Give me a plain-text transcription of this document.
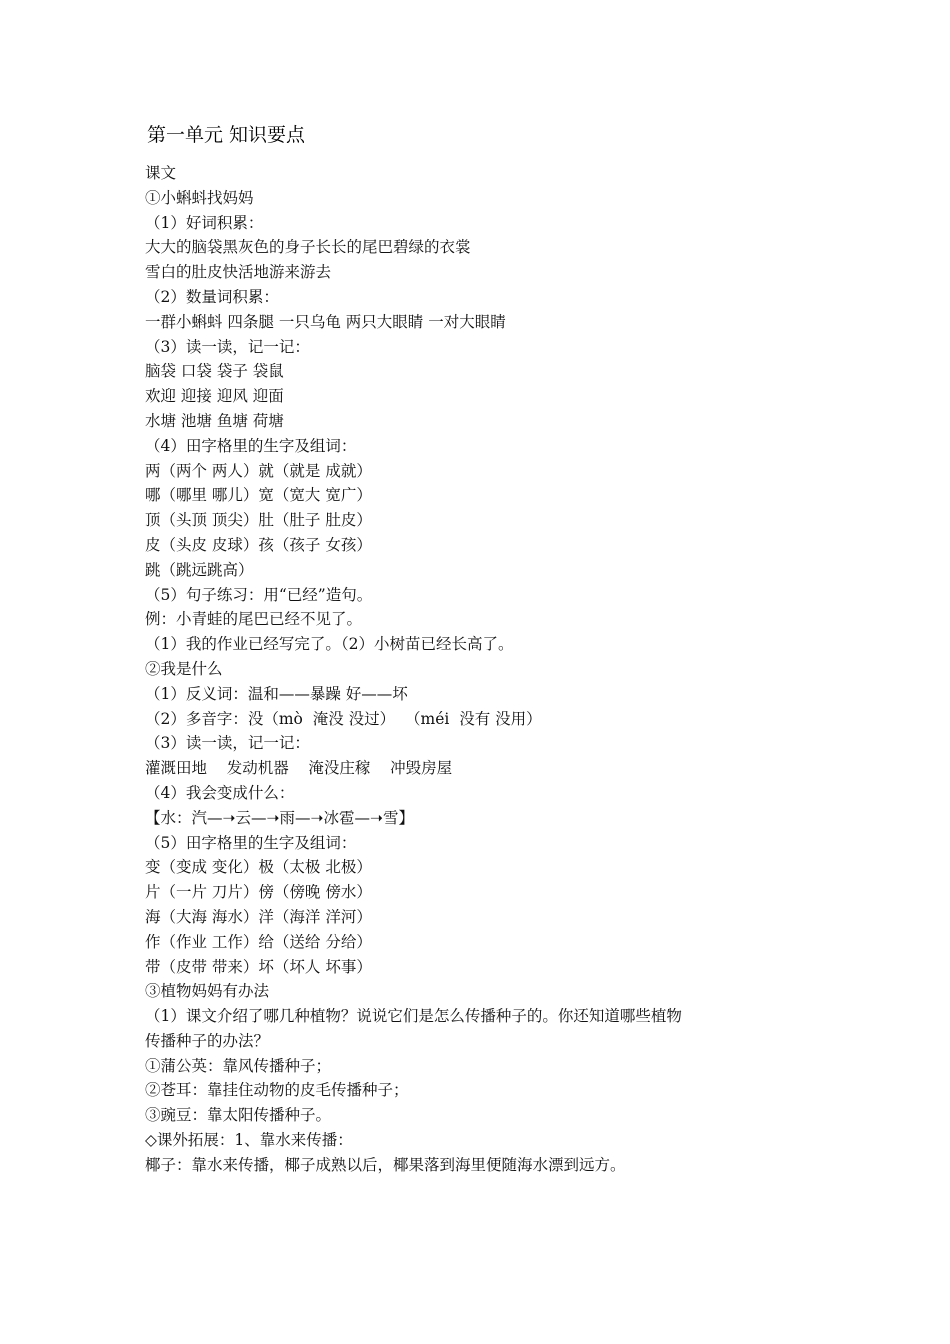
第一单元 知识要点
课文
①小蝌蚪找妈妈
（1）好词积累：
大大的脑袋黑灰色的身子长长的尾巴碧绿的衣裳
雪白的肚皮快活地游来游去
（2）数量词积累：
一群小蝌蚪 四条腿 一只乌龟 两只大眼睛 一对大眼睛
（3）读一读，记一记：
脑袋 口袋 袋子 袋鼠
欢迎 迎接 迎风 迎面
水塘 池塘 鱼塘 荷塘
（4）田字格里的生字及组词：
两（两个 两人）就（就是 成就）
哪（哪里 哪儿）宽（宽大 宽广）
顶（头顶 顶尖）肚（肚子 肚皮）
皮（头皮 皮球）孩（孩子 女孩）
跳（跳远跳高）
（5）句子练习：用“已经”造句。
例：小青蛙的尾巴已经不见了。
（1）我的作业已经写完了。（2）小树苗已经长高了。
②我是什么
（1）反义词：温和——暴躁 好——坏
（2）多音字：没（mò  淹没 没过）  （méi  没有 没用）
（3）读一读，记一记：
灌溉田地    发动机器    淹没庄稼    冲毁房屋
（4）我会变成什么：
【水：汽—➝云—➝雨—➝冰雹—➝雪】
（5）田字格里的生字及组词：
变（变成 变化）极（太极 北极）
片（一片 刀片）傍（傍晚 傍水）
海（大海 海水）洋（海洋 洋河）
作（作业 工作）给（送给 分给）
带（皮带 带来）坏（坏人 坏事）
③植物妈妈有办法
（1）课文介绍了哪几种植物？说说它们是怎么传播种子的。你还知道哪些植物
传播种子的办法？
①蒲公英：靠风传播种子；
②苍耳：靠挂住动物的皮毛传播种子；
③豌豆：靠太阳传播种子。
◇课外拓展：1、靠水来传播：
椰子：靠水来传播，椰子成熟以后，椰果落到海里便随海水漂到远方。
